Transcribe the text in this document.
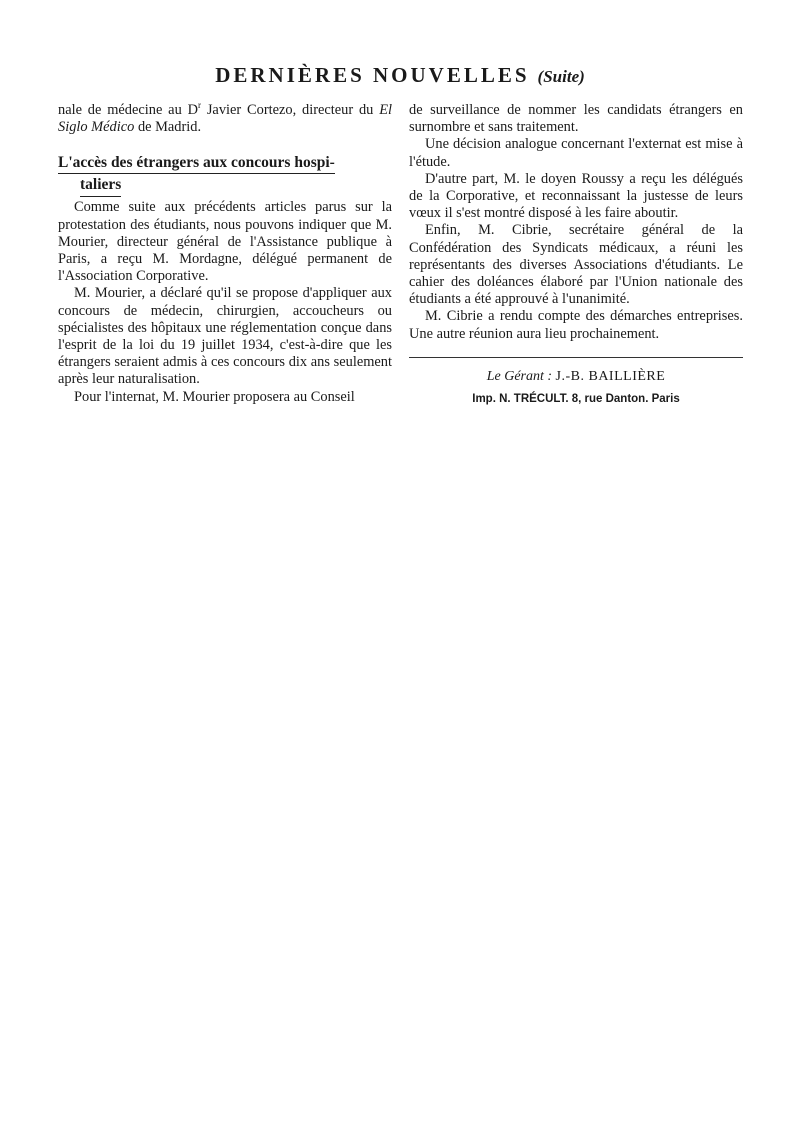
DERNIÈRES NOUVELLES (Suite)

nale de médecine au $D^r$ Javier Cortezo, directeur du El Siglo Médico de Madrid.

L'accès des étrangers aux concours hospi-
taliers

Comme suite aux précédents articles parus sur la protestation des étudiants, nous pouvons indiquer que M. Mourier, directeur général de l'Assistance publique à Paris, a reçu M. Mordagne, délégué permanent de l'Association Corporative.

M. Mourier, a déclaré qu'il se propose d'appliquer aux concours de médecin, chirurgien, accoucheurs ou spécialistes des hôpitaux une réglementation conçue dans l'esprit de la loi du 19 juillet 1934, c'est-à-dire que les étrangers seraient admis à ces concours dix ans seulement après leur naturalisation.

Pour l'internat, M. Mourier proposera au Conseil

de surveillance de nommer les candidats étrangers en surnombre et sans traitement.

Une décision analogue concernant l'externat est mise à l'étude.

D'autre part, M. le doyen Roussy a reçu les délégués de la Corporative, et reconnaissant la justesse de leurs vœux il s'est montré disposé à les faire aboutir.

Enfin, M. Cibrie, secrétaire général de la Confédération des Syndicats médicaux, a réuni les représentants des diverses Associations d'étudiants. Le cahier des doléances élaboré par l'Union nationale des étudiants a été approuvé à l'unanimité.

M. Cibrie a rendu compte des démarches entreprises. Une autre réunion aura lieu prochainement.

Le Gérant : J.-B. BAILLIÈRE
Imp. N. TRÉCULT. 8, rue Danton. Paris
